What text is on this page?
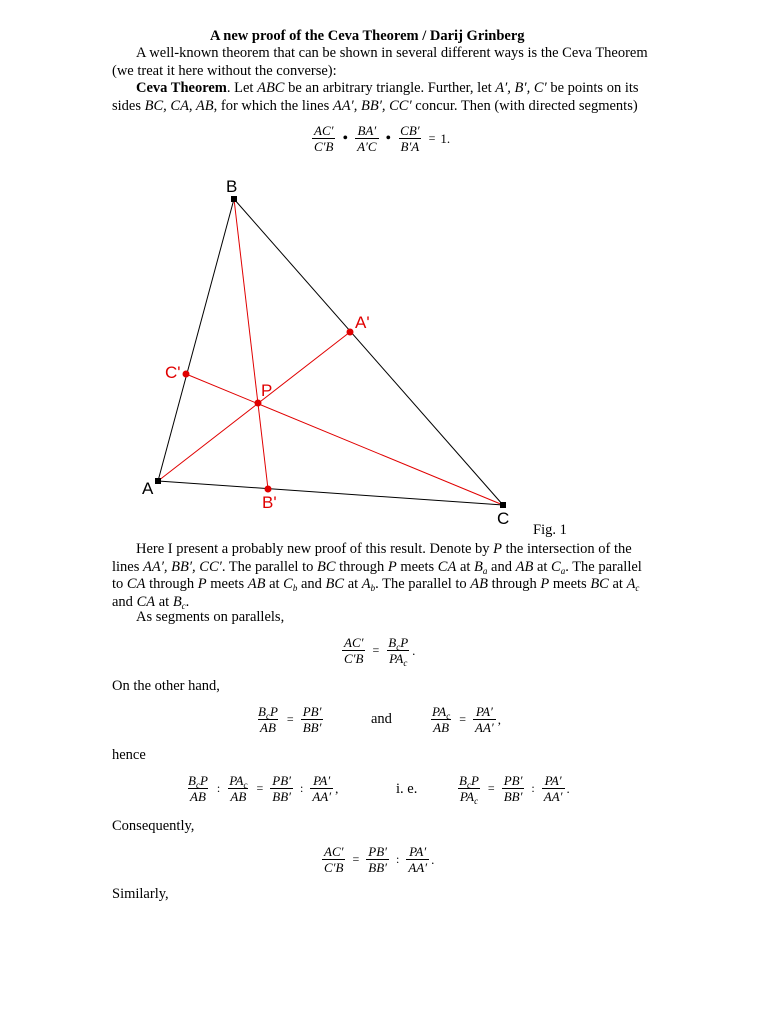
A new proof of the Ceva Theorem / Darij Grinberg
A well-known theorem that can be shown in several different ways is the Ceva Theorem (we treat it here without the converse):
Ceva Theorem. Let ABC be an arbitrary triangle. Further, let A′, B′, C′ be points on its sides BC, CA, AB, for which the lines AA′, BB′, CC′ concur. Then (with directed segments)
$\frac{AC'}{C'B}$ • $\frac{BA'}{A'C}$ • $\frac{CB'}{B'A} = 1$.
B
A
C
A'
B'
C'
P
Fig. 1
Here I present a probably new proof of this result. Denote by P the intersection of the lines AA′, BB′, CC′. The parallel to BC through P meets CA at $B_a$ and AB at $C_a$. The parallel to CA through P meets AB at $C_b$ and BC at $A_b$. The parallel to AB through P meets BC at $A_c$ and CA at $B_c$.
As segments on parallels,
$\frac{AC'}{C'B} = \frac{B_cP}{PA_c}$ .
On the other hand,
$\frac{B_cP}{AB} = \frac{PB'}{BB'}$	and	$\frac{PA_c}{AB} = \frac{PA'}{AA'}$ ,
hence
$\frac{B_cP}{AB}$ : $\frac{PA_c}{AB} = \frac{PB'}{BB'}$ : $\frac{PA'}{AA'}$ ,	i. e.	$\frac{B_cP}{PA_c} = \frac{PB'}{BB'}$ : $\frac{PA'}{AA'}$ .
Consequently,
$\frac{AC'}{C'B} = \frac{PB'}{BB'}$ : $\frac{PA'}{AA'}$ .
Similarly,
